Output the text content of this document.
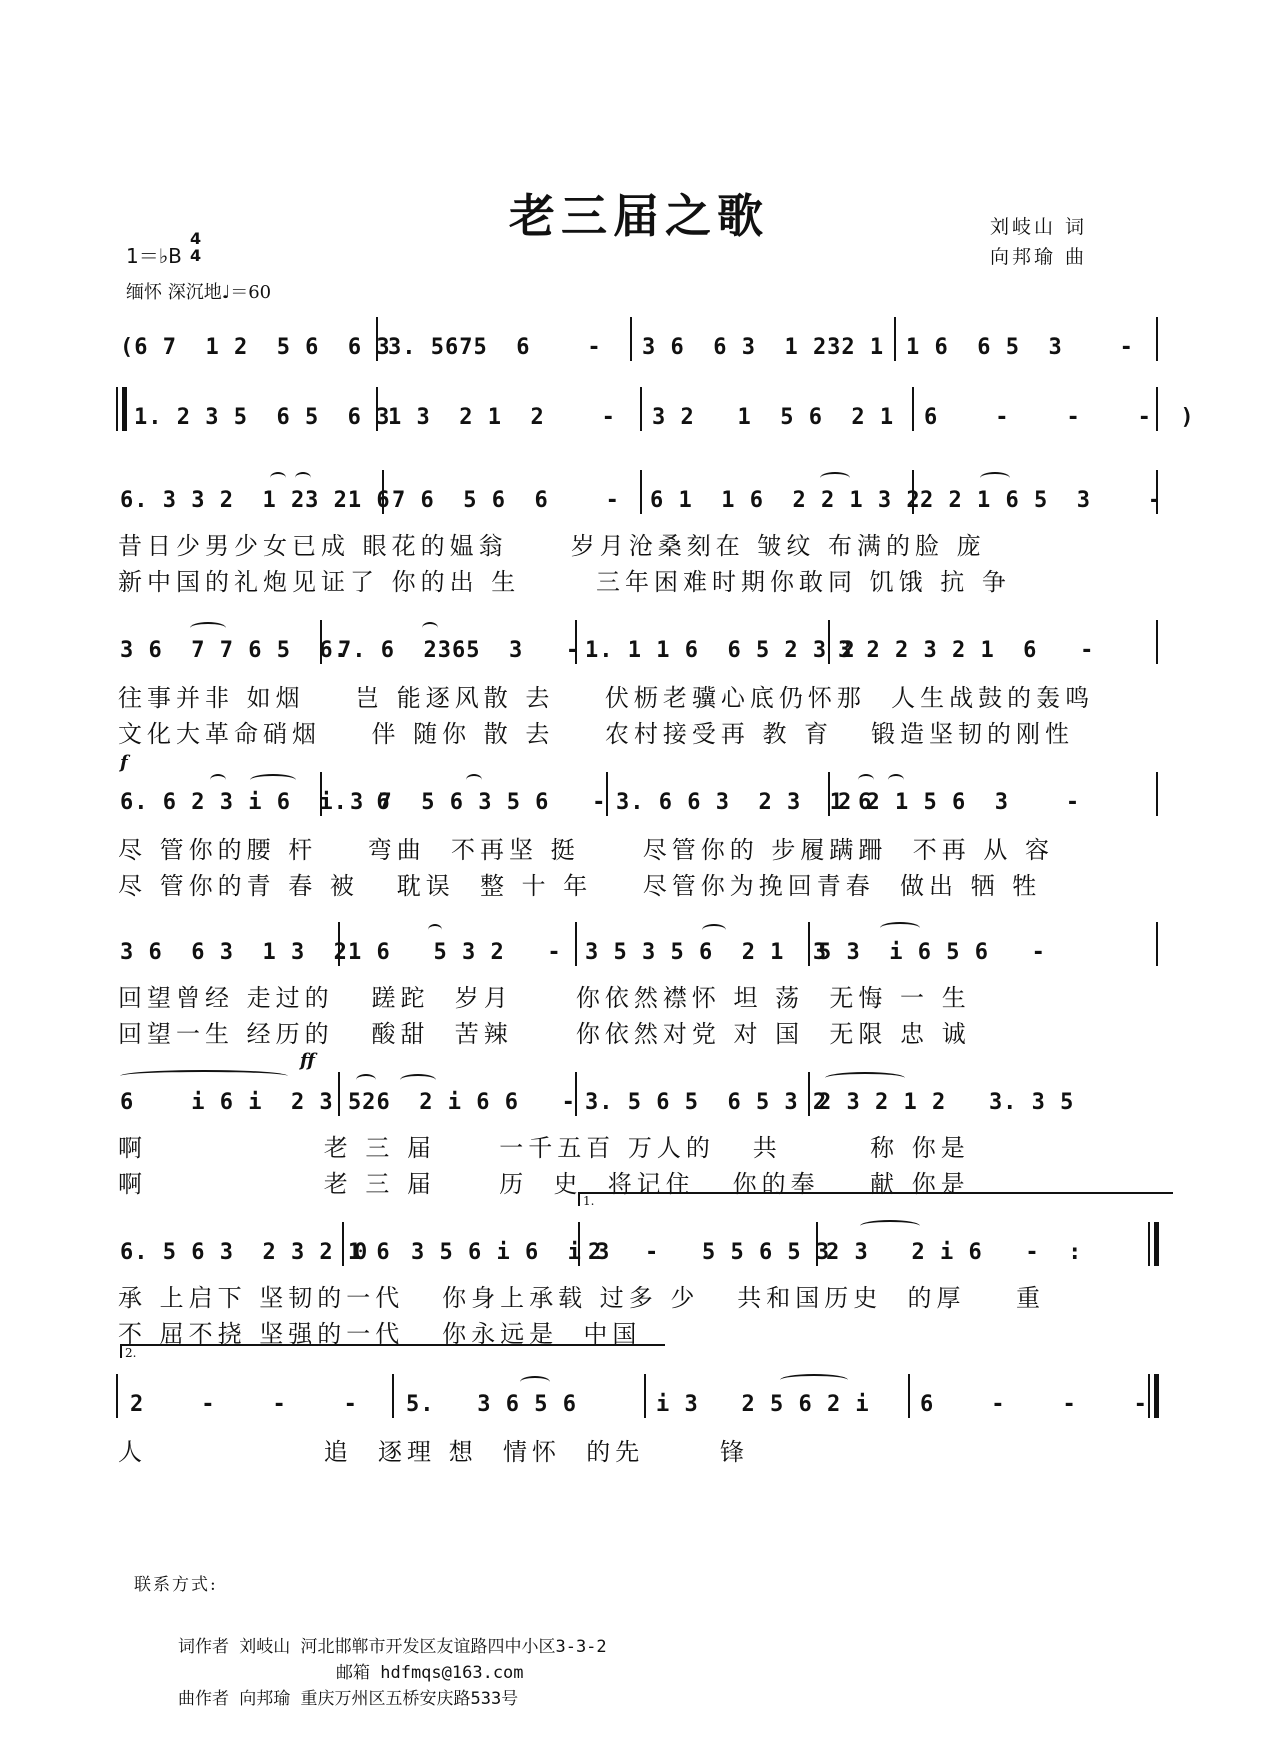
老三届之歌	刘岐山 词
向邦瑜 曲
1＝♭B
4
4
缅怀 深沉地♩＝60
(6 7  1 2  5 6  6 3
3. 5675  6    - 3 6  6 3  1 232 1 1 6  6 5  3    -
1. 2 3 5  6 5  6 3
1 3  2 1  2    - 3 2   1  5 6  2 1 6    -    -    -  )
6. 3 3 2  1 23 21 6 7 6  5 6  6    - 6 1  1 6  2 2 1 3 2 2 2 1 6 5  3    -
昔日少男少女已成 眼花的媪翁     岁月沧桑刻在 皱纹 布满的脸 庞
新中国的礼炮见证了 你的出 生      三年困难时期你敢同 饥饿 抗 争
3 6  7 7 6 5  6.
7. 6  2365  3   - 1. 1 1 6  6 5 2 3 2
3 2 2 3 2 1  6   -
往事并非 如烟    岂 能逐风散 去    伏枥老骥心底仍怀那  人生战鼓的轰鸣
文化大革命硝烟    伴 随你 散 去    农村接受再 教 育   锻造坚韧的刚性
f
6. 6 2 3 i 6  i.  6
3 7  5 6 3 5 6   - 3. 6 6 3  2 3  1 6
2 2 1 5 6  3    -
尽 管你的腰 杆    弯曲  不再坚 挺     尽管你的 步履蹒跚  不再 从 容
尽 管你的青 春 被   耽误  整 十 年    尽管你为挽回青春  做出 牺 牲
3 6  6 3  1 3  2 1 6   5 3 2   - 3 5 3 5 6  2 1  3
5 3  i 6 5 6   -
回望曾经 走过的   蹉跎  岁月     你依然襟怀 坦 荡  无悔 一 生
回望一生 经历的   酸甜  苦辣     你依然对党 对 国  无限 忠 诚
ff
6    i 6 i  2 3  2
5 6  2 i 6 6   - 3. 5 6 5  6 5 3 2
2 3 2 1 2   3. 3 5
啊              老 三 届     一千五百 万人的   共       称 你是
啊              老 三 届     历  史  将记住   你的奉    献 你是
1.
6. 5 6 3  2 3 2 1 6
0   3 5 6 i 6  i 3
2   -   5 5 6 5 3
2 3   2 i 6   -  :
承 上启下 坚韧的一代   你身上承载 过多 少   共和国历史  的厚    重
不 屈不挠 坚强的一代   你永远是  中国
2.
2    -    -    - 5.   3 6 5 6	i 3   2 5 6 2 i 6    -    -    -
人              追  逐理 想  情怀  的先      锋
联系方式:
词作者 刘岐山 河北邯郸市开发区友谊路四中小区3-3-2
邮箱 hdfmqs@163.com
曲作者 向邦瑜 重庆万州区五桥安庆路533号
